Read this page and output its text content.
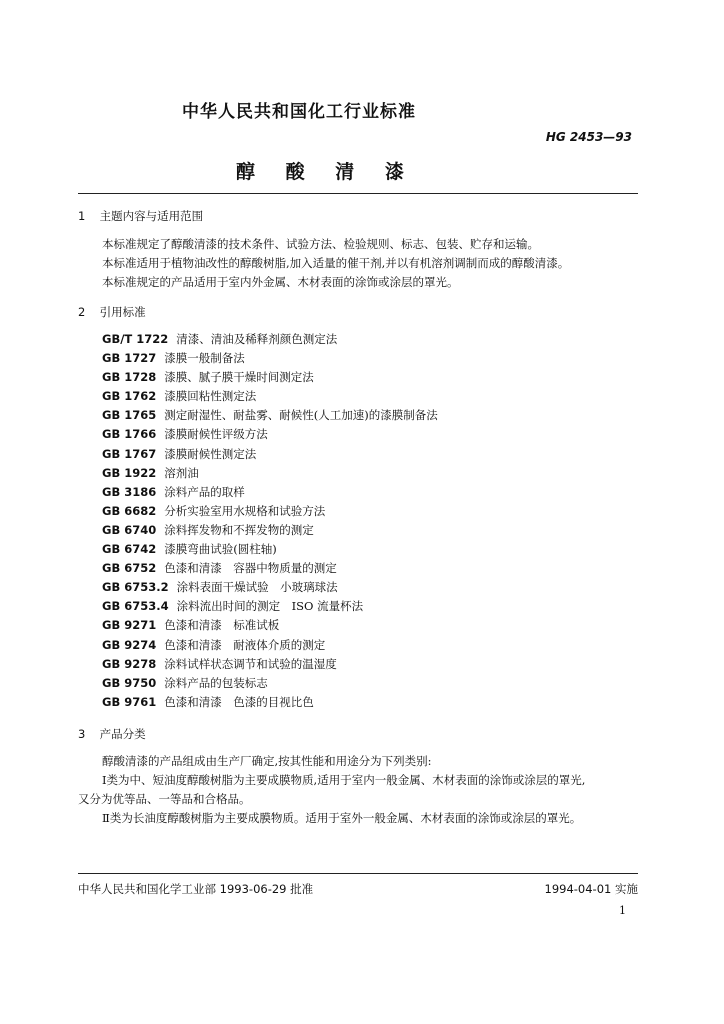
中华人民共和国化工行业标准
HG 2453—93
醇 酸 清 漆
1 主题内容与适用范围

本标准规定了醇酸清漆的技术条件、试验方法、检验规则、标志、包装、贮存和运输。

本标准适用于植物油改性的醇酸树脂,加入适量的催干剂,并以有机溶剂调制而成的醇酸清漆。

本标准规定的产品适用于室内外金属、木材表面的涂饰或涂层的罩光。

2 引用标准
GB/T 1722 清漆、清油及稀释剂颜色测定法
GB 1727 漆膜一般制备法
GB 1728 漆膜、腻子膜干燥时间测定法
GB 1762 漆膜回粘性测定法
GB 1765 测定耐湿性、耐盐雾、耐候性(人工加速)的漆膜制备法
GB 1766 漆膜耐候性评级方法
GB 1767 漆膜耐候性测定法
GB 1922 溶剂油
GB 3186 涂料产品的取样
GB 6682 分析实验室用水规格和试验方法
GB 6740 涂料挥发物和不挥发物的测定
GB 6742 漆膜弯曲试验(圆柱轴)
GB 6752 色漆和清漆　容器中物质量的测定
GB 6753.2 涂料表面干燥试验　小玻璃球法
GB 6753.4 涂料流出时间的测定　ISO 流量杯法
GB 9271 色漆和清漆　标准试板
GB 9274 色漆和清漆　耐液体介质的测定
GB 9278 涂料试样状态调节和试验的温湿度
GB 9750 涂料产品的包装标志
GB 9761 色漆和清漆　色漆的目视比色
3 产品分类

醇酸清漆的产品组成由生产厂确定,按其性能和用途分为下列类别:

Ⅰ类为中、短油度醇酸树脂为主要成膜物质,适用于室内一般金属、木材表面的涂饰或涂层的罩光,

又分为优等品、一等品和合格品。

Ⅱ类为长油度醇酸树脂为主要成膜物质。适用于室外一般金属、木材表面的涂饰或涂层的罩光。

中华人民共和国化学工业部 1993-06-29 批准	1994-04-01 实施
1
